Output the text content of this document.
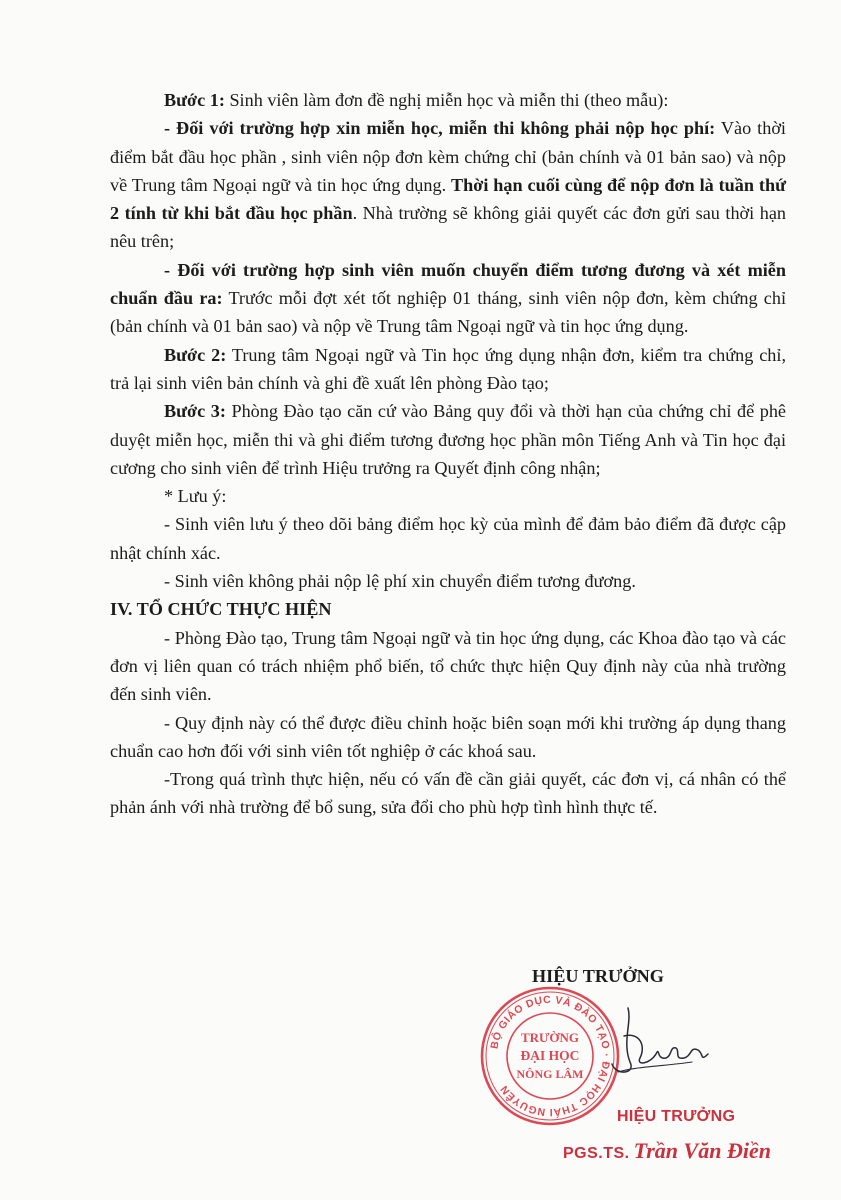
Bước 1: Sinh viên làm đơn đề nghị miễn học và miễn thi (theo mẫu):

- Đối với trường hợp xin miễn học, miễn thi không phải nộp học phí: Vào thời điểm bắt đầu học phần , sinh viên nộp đơn kèm chứng chỉ (bản chính và 01 bản sao) và nộp về Trung tâm Ngoại ngữ và tin học ứng dụng. Thời hạn cuối cùng để nộp đơn là tuần thứ 2 tính từ khi bắt đầu học phần. Nhà trường sẽ không giải quyết các đơn gửi sau thời hạn nêu trên;

- Đối với trường hợp sinh viên muốn chuyển điểm tương đương và xét miễn chuẩn đầu ra: Trước mỗi đợt xét tốt nghiệp 01 tháng, sinh viên nộp đơn, kèm chứng chỉ (bản chính và 01 bản sao) và nộp về Trung tâm Ngoại ngữ và tin học ứng dụng.

Bước 2: Trung tâm Ngoại ngữ và Tin học ứng dụng nhận đơn, kiểm tra chứng chỉ, trả lại sinh viên bản chính và ghi đề xuất lên phòng Đào tạo;

Bước 3: Phòng Đào tạo căn cứ vào Bảng quy đổi và thời hạn của chứng chỉ để phê duyệt miễn học, miễn thi và ghi điểm tương đương học phần môn Tiếng Anh và Tin học đại cương cho sinh viên để trình Hiệu trưởng ra Quyết định công nhận;

* Lưu ý:

- Sinh viên lưu ý theo dõi bảng điểm học kỳ của mình để đảm bảo điểm đã được cập nhật chính xác.

- Sinh viên không phải nộp lệ phí xin chuyển điểm tương đương.

IV. TỔ CHỨC THỰC HIỆN

- Phòng Đào tạo, Trung tâm Ngoại ngữ và tin học ứng dụng, các Khoa đào tạo và các đơn vị liên quan có trách nhiệm phổ biến, tổ chức thực hiện Quy định này của nhà trường đến sinh viên.

- Quy định này có thể được điều chỉnh hoặc biên soạn mới khi trường áp dụng thang chuẩn cao hơn đối với sinh viên tốt nghiệp ở các khoá sau.

-Trong quá trình thực hiện, nếu có vấn đề cần giải quyết, các đơn vị, cá nhân có thể phản ánh với nhà trường để bổ sung, sửa đổi cho phù hợp tình hình thực tế.

HIỆU TRƯỞNG
BỘ GIÁO DỤC VÀ ĐÀO TẠO · ĐẠI HỌC THÁI NGUYÊN
TRƯỜNG
ĐẠI HỌC
NÔNG LÂM
HIỆU TRƯỞNG
PGS.TS. Trần Văn Điền
